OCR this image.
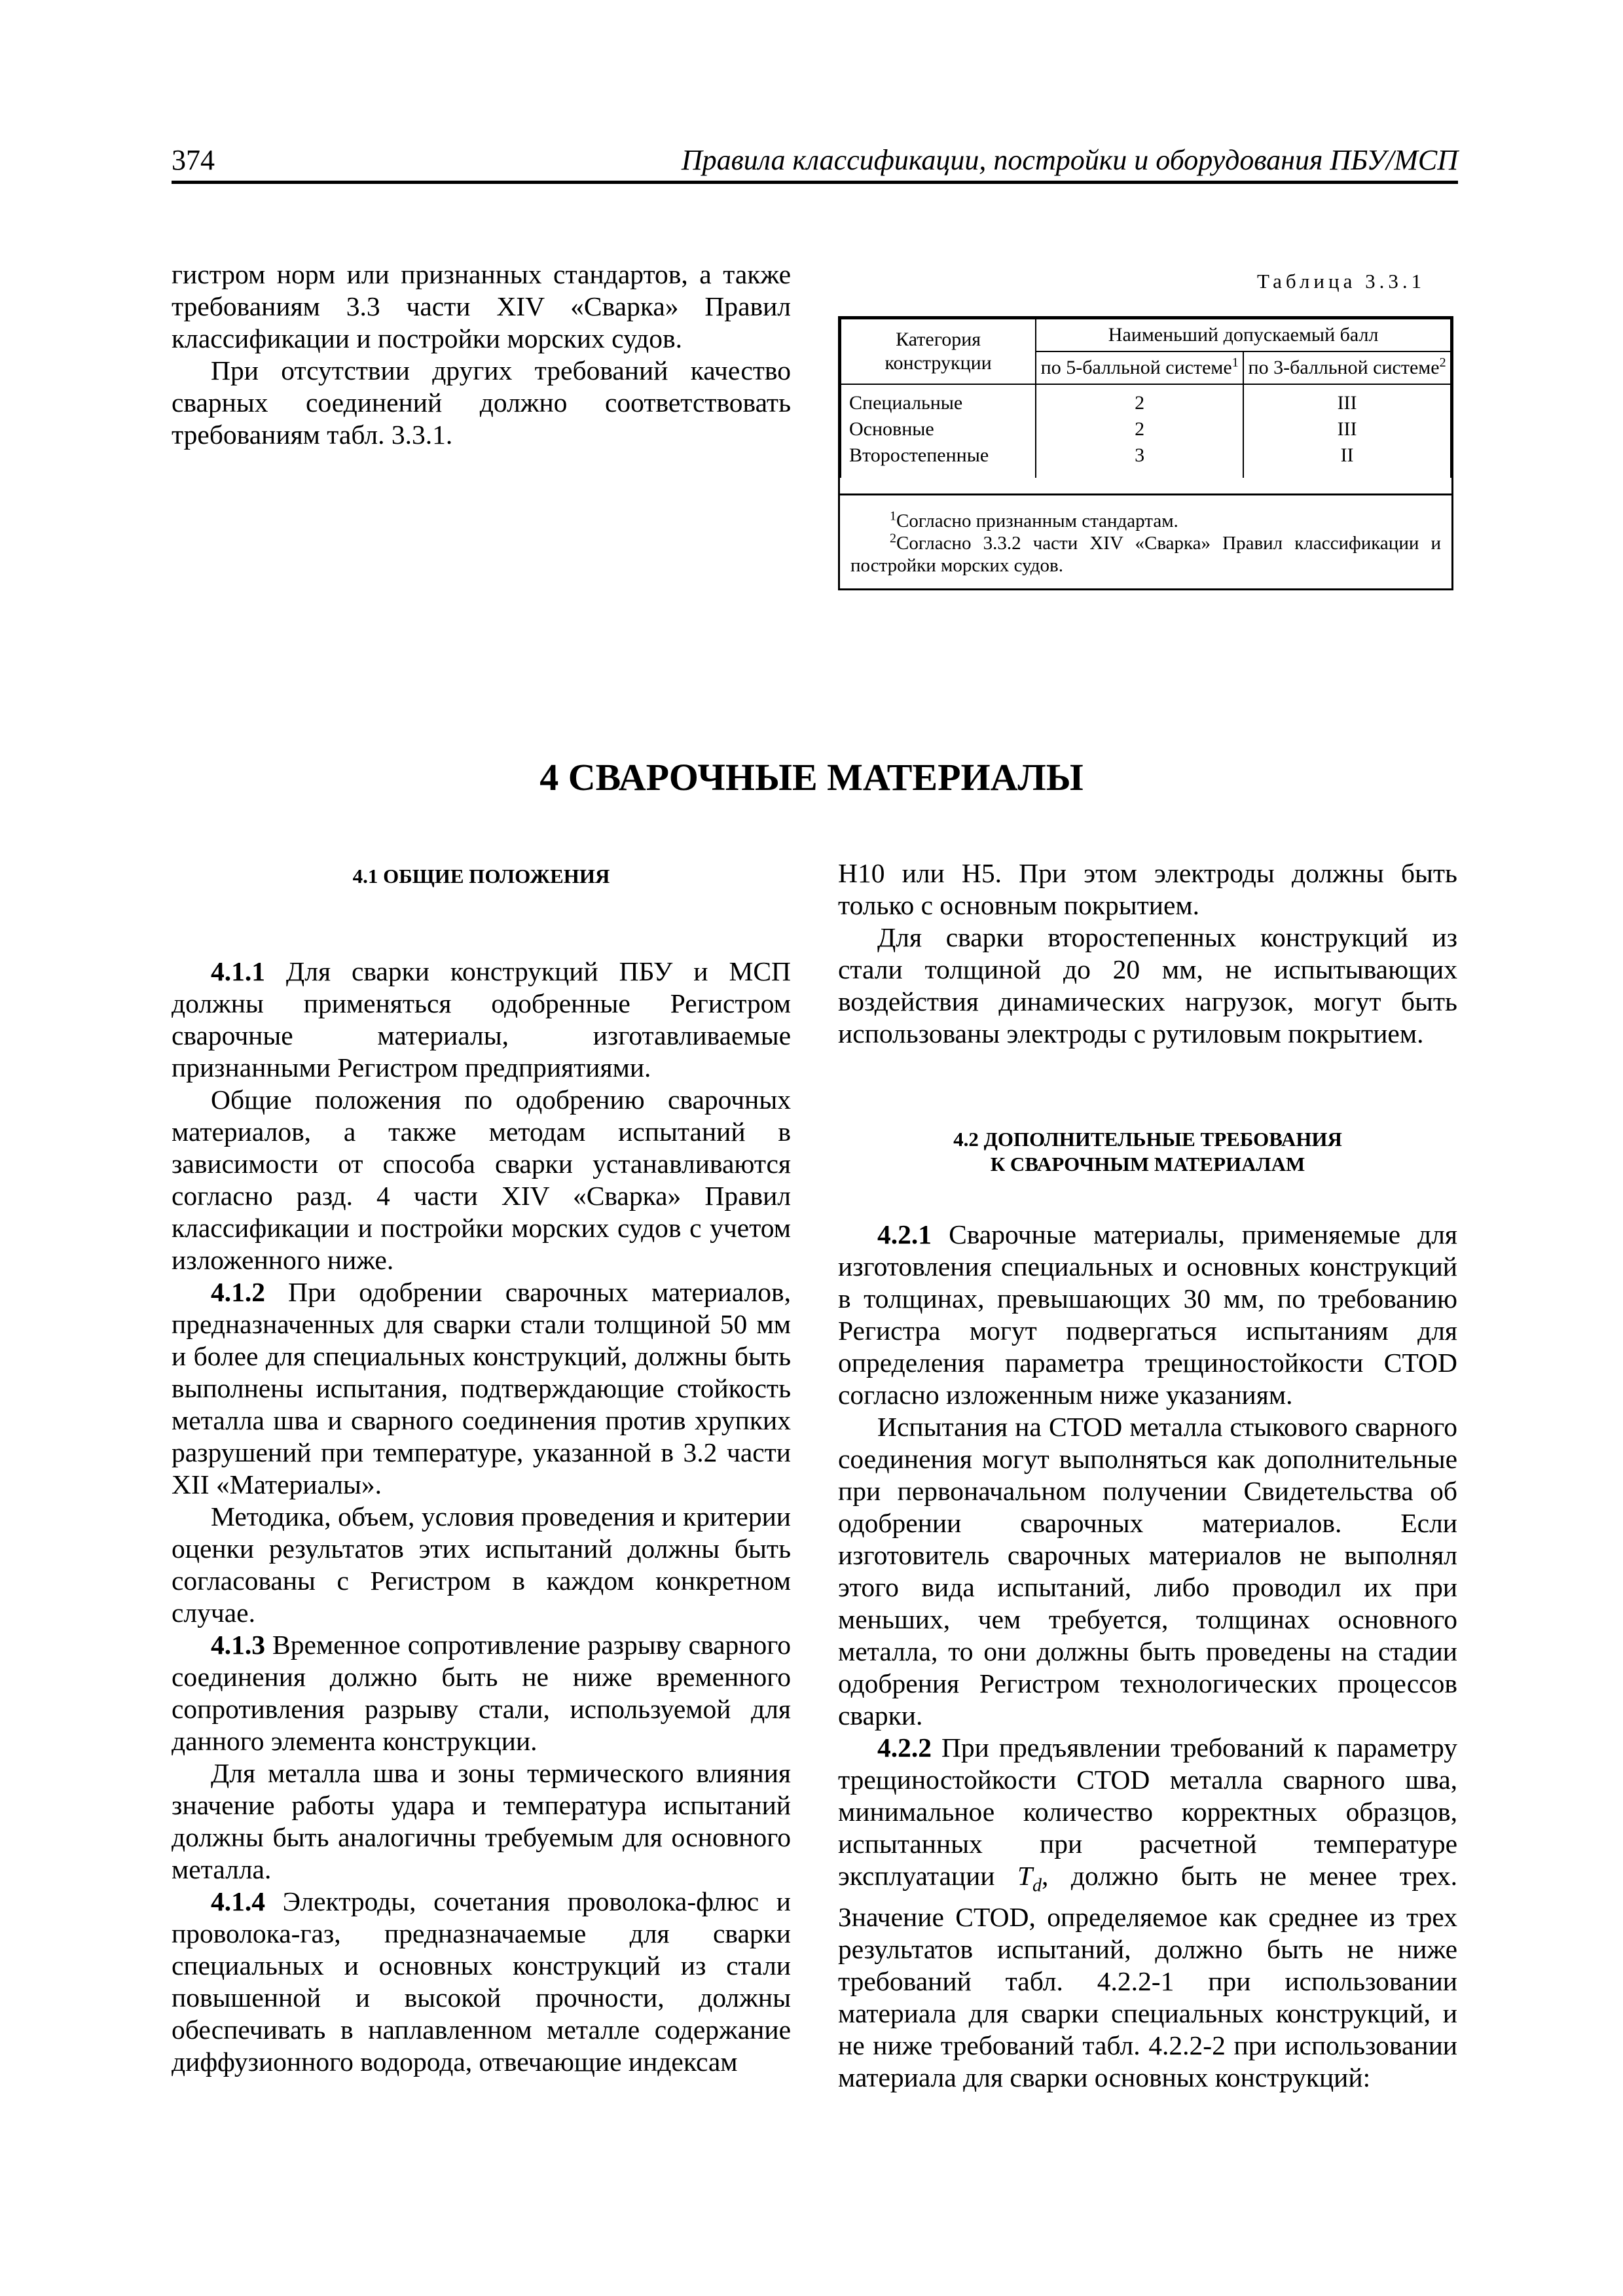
374	Правила классификации, постройки и оборудования ПБУ/МСП

гистром норм или признанных стандартов, а также требованиям 3.3 части XIV «Сварка» Правил классификации и постройки морских судов.

При отсутствии других требований качество сварных соединений должно соответствовать требованиям табл. 3.3.1.

Таблица 3.3.1
Категория конструкции	Наименьший допускаемый балл	
	по 5-балльной системе$^1$	по 3-балльной системе$^2$
Специальные	2	III
Основные	2	III
Второстепенные	3	II
$^1$Согласно признанным стандартам.
$^2$Согласно 3.3.2 части XIV «Сварка» Правил классификации и постройки морских судов.
4 СВАРОЧНЫЕ МАТЕРИАЛЫ
4.1 ОБЩИЕ ПОЛОЖЕНИЯ

4.1.1 Для сварки конструкций ПБУ и МСП должны применяться одобренные Регистром сварочные материалы, изготавливаемые признанными Регистром предприятиями.

Общие положения по одобрению сварочных материалов, а также методам испытаний в зависимости от способа сварки устанавливаются согласно разд. 4 части XIV «Сварка» Правил классификации и постройки морских судов с учетом изложенного ниже.

4.1.2 При одобрении сварочных материалов, предназначенных для сварки стали толщиной 50 мм и более для специальных конструкций, должны быть выполнены испытания, подтверждающие стойкость металла шва и сварного соединения против хрупких разрушений при температуре, указанной в 3.2 части XII «Материалы».

Методика, объем, условия проведения и критерии оценки результатов этих испытаний должны быть согласованы с Регистром в каждом конкретном случае.

4.1.3 Временное сопротивление разрыву сварного соединения должно быть не ниже временного сопротивления разрыву стали, используемой для данного элемента конструкции.

Для металла шва и зоны термического влияния значение работы удара и температура испытаний должны быть аналогичны требуемым для основного металла.

4.1.4 Электроды, сочетания проволока-флюс и проволока-газ, предназначаемые для сварки специальных и основных конструкций из стали повышенной и высокой прочности, должны обеспечивать в наплавленном металле содержание диффузионного водорода, отвечающие индексам

Н10 или Н5. При этом электроды должны быть только с основным покрытием.

Для сварки второстепенных конструкций из стали толщиной до 20 мм, не испытывающих воздействия динамических нагрузок, могут быть использованы электроды с рутиловым покрытием.

4.2 ДОПОЛНИТЕЛЬНЫЕ ТРЕБОВАНИЯ
К СВАРОЧНЫМ МАТЕРИАЛАМ

4.2.1 Сварочные материалы, применяемые для изготовления специальных и основных конструкций в толщинах, превышающих 30 мм, по требованию Регистра могут подвергаться испытаниям для определения параметра трещиностойкости CTOD согласно изложенным ниже указаниям.

Испытания на CTOD металла стыкового сварного соединения могут выполняться как дополнительные при первоначальном получении Свидетельства об одобрении сварочных материалов. Если изготовитель сварочных материалов не выполнял этого вида испытаний, либо проводил их при меньших, чем требуется, толщинах основного металла, то они должны быть проведены на стадии одобрения Регистром технологических процессов сварки.

4.2.2 При предъявлении требований к параметру трещиностойкости CTOD металла сварного шва, минимальное количество корректных образцов, испытанных при расчетной температуре эксплуатации $T_d$, должно быть не менее трех. Значение CTOD, определяемое как среднее из трех результатов испытаний, должно быть не ниже требований табл. 4.2.2-1 при использовании материала для сварки специальных конструкций, и не ниже требований табл. 4.2.2-2 при использовании материала для сварки основных конструкций:
